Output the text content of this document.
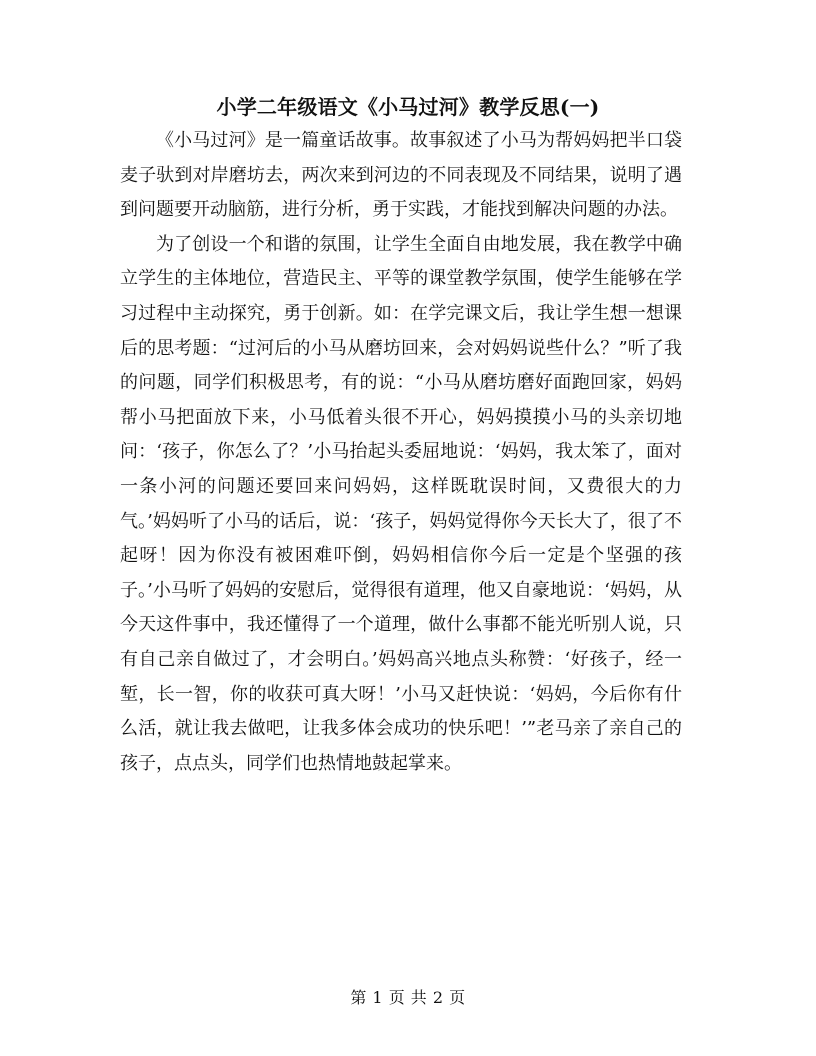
小学二年级语文《小马过河》教学反思(一)

《小马过河》是一篇童话故事。故事叙述了小马为帮妈妈把半口袋麦子驮到对岸磨坊去，两次来到河边的不同表现及不同结果，说明了遇到问题要开动脑筋，进行分析，勇于实践，才能找到解决问题的办法。

为了创设一个和谐的氛围，让学生全面自由地发展，我在教学中确立学生的主体地位，营造民主、平等的课堂教学氛围，使学生能够在学习过程中主动探究，勇于创新。如：在学完课文后，我让学生想一想课后的思考题：“过河后的小马从磨坊回来，会对妈妈说些什么？”听了我的问题，同学们积极思考，有的说：“小马从磨坊磨好面跑回家，妈妈帮小马把面放下来，小马低着头很不开心，妈妈摸摸小马的头亲切地问：‘孩子，你怎么了？’小马抬起头委屈地说：‘妈妈，我太笨了，面对一条小河的问题还要回来问妈妈，这样既耽误时间，又费很大的力气。’妈妈听了小马的话后，说：‘孩子，妈妈觉得你今天长大了，很了不起呀！因为你没有被困难吓倒，妈妈相信你今后一定是个坚强的孩子。’小马听了妈妈的安慰后，觉得很有道理，他又自豪地说：‘妈妈，从今天这件事中，我还懂得了一个道理，做什么事都不能光听别人说，只有自己亲自做过了，才会明白。’妈妈高兴地点头称赞：‘好孩子，经一堑，长一智，你的收获可真大呀！’小马又赶快说：‘妈妈，今后你有什么活，就让我去做吧，让我多体会成功的快乐吧！’”老马亲了亲自己的孩子，点点头，同学们也热情地鼓起掌来。

第 1 页 共 2 页
